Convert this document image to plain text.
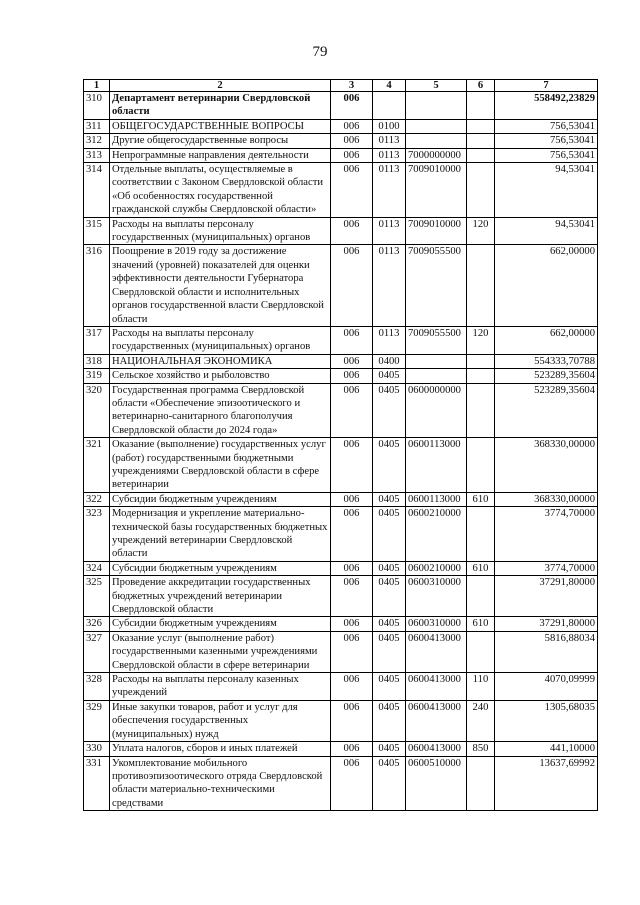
79
1	2	3	4	5	6	7
310	Департамент ветеринарии Свердловской области	006				558492,23829
311	ОБЩЕГОСУДАРСТВЕННЫЕ ВОПРОСЫ	006	0100			756,53041
312	Другие общегосударственные вопросы	006	0113			756,53041
313	Непрограммные направления деятельности	006	0113	7000000000		756,53041
314	Отдельные выплаты, осуществляемые в соответствии с Законом Свердловской области «Об особенностях государственной гражданской службы Свердловской области»	006	0113	7009010000		94,53041
315	Расходы на выплаты персоналу государственных (муниципальных) органов	006	0113	7009010000	120	94,53041
316	Поощрение в 2019 году за достижение значений (уровней) показателей для оценки эффективности деятельности Губернатора Свердловской области и исполнительных органов государственной власти Свердловской области	006	0113	7009055500		662,00000
317	Расходы на выплаты персоналу государственных (муниципальных) органов	006	0113	7009055500	120	662,00000
318	НАЦИОНАЛЬНАЯ ЭКОНОМИКА	006	0400			554333,70788
319	Сельское хозяйство и рыболовство	006	0405			523289,35604
320	Государственная программа Свердловской области «Обеспечение эпизоотического и ветеринарно-санитарного благополучия Свердловской области до 2024 года»	006	0405	0600000000		523289,35604
321	Оказание (выполнение) государственных услуг (работ) государственными бюджетными учреждениями Свердловской области в сфере ветеринарии	006	0405	0600113000		368330,00000
322	Субсидии бюджетным учреждениям	006	0405	0600113000	610	368330,00000
323	Модернизация и укрепление материально-технической базы государственных бюджетных учреждений ветеринарии Свердловской области	006	0405	0600210000		3774,70000
324	Субсидии бюджетным учреждениям	006	0405	0600210000	610	3774,70000
325	Проведение аккредитации государственных бюджетных учреждений ветеринарии Свердловской области	006	0405	0600310000		37291,80000
326	Субсидии бюджетным учреждениям	006	0405	0600310000	610	37291,80000
327	Оказание услуг (выполнение работ) государственными казенными учреждениями Свердловской области в сфере ветеринарии	006	0405	0600413000		5816,88034
328	Расходы на выплаты персоналу казенных учреждений	006	0405	0600413000	110	4070,09999
329	Иные закупки товаров, работ и услуг для обеспечения государственных (муниципальных) нужд	006	0405	0600413000	240	1305,68035
330	Уплата налогов, сборов и иных платежей	006	0405	0600413000	850	441,10000
331	Укомплектование мобильного противоэпизоотического отряда Свердловской области материально-техническими средствами	006	0405	0600510000		13637,69992
